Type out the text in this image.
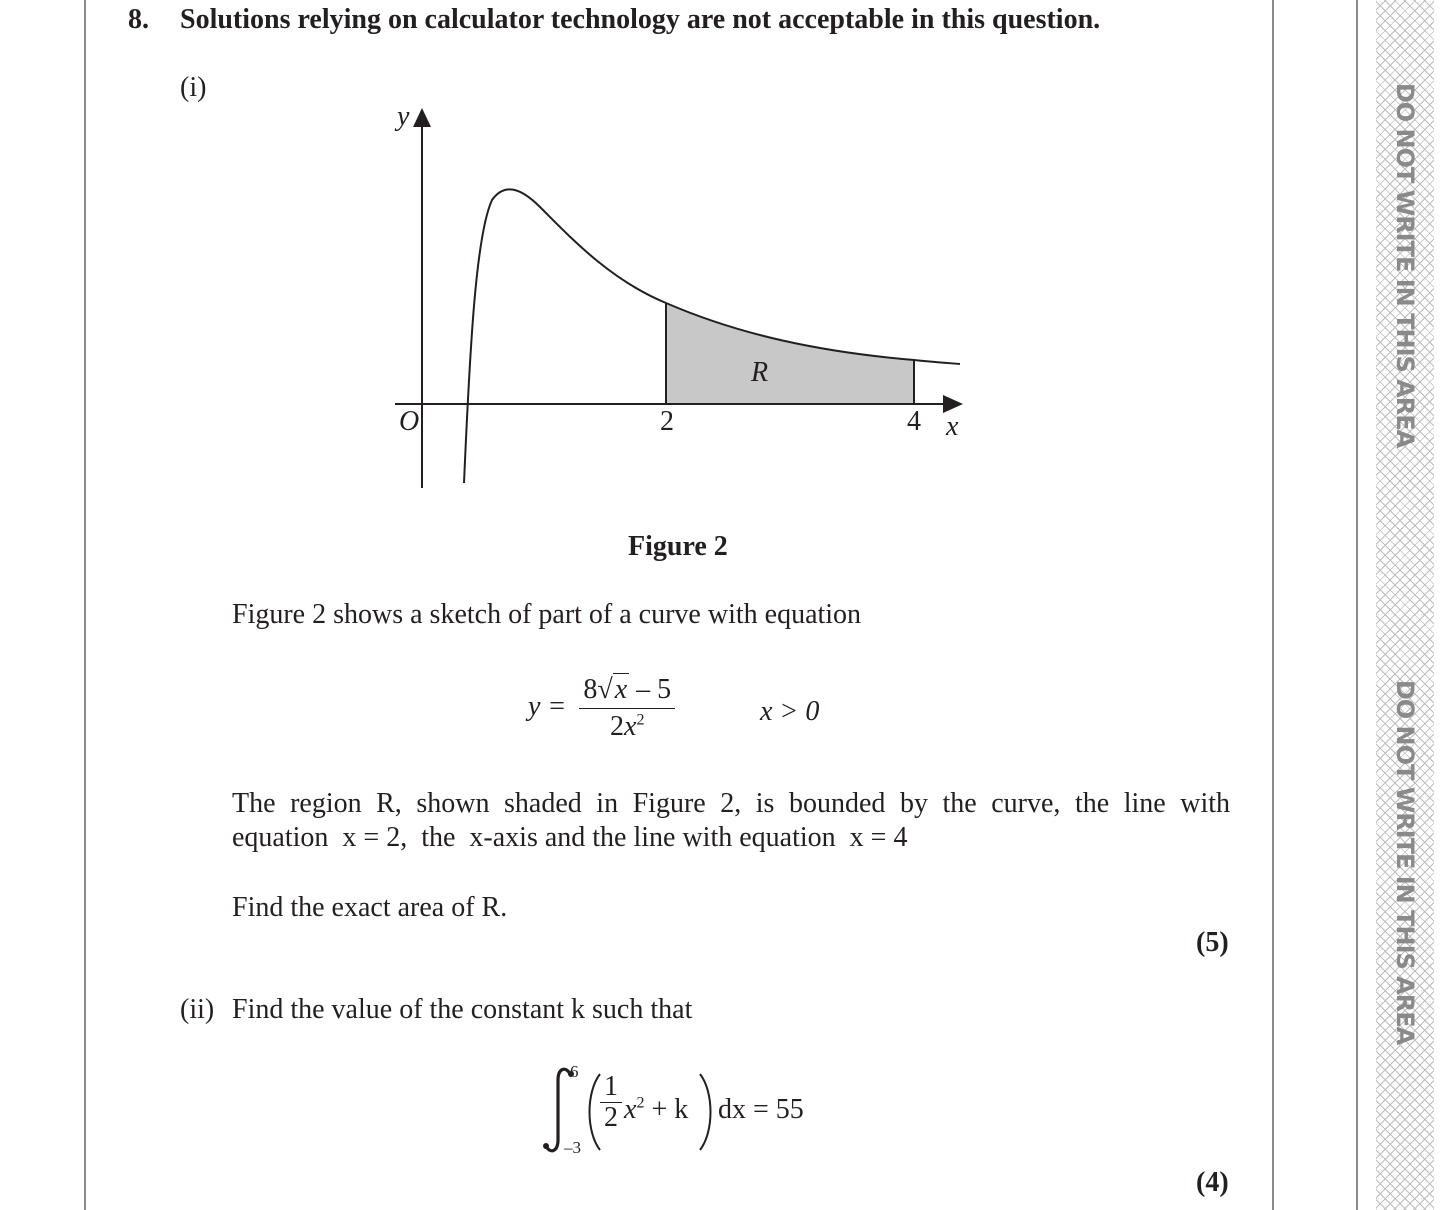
DO NOT WRITE IN THIS AREA
DO NOT WRITE IN THIS AREA
8. Solutions relying on calculator technology are not acceptable in this question.
(i)
y
x
O	2	4
R
Figure 2
Figure 2 shows a sketch of part of a curve with equation
$y = \frac{8√x - 5}{2x^2}$	x > 0
The region R, shown shaded in Figure 2, is bounded by the curve, the line with
equation  x = 2,  the  x-axis and the line with equation  x = 4
Find the exact area of R.
(5)
(ii) Find the value of the constant k such that
6
–3
$\frac{1}{2} x^2 + k$ dx = 55
(4)
